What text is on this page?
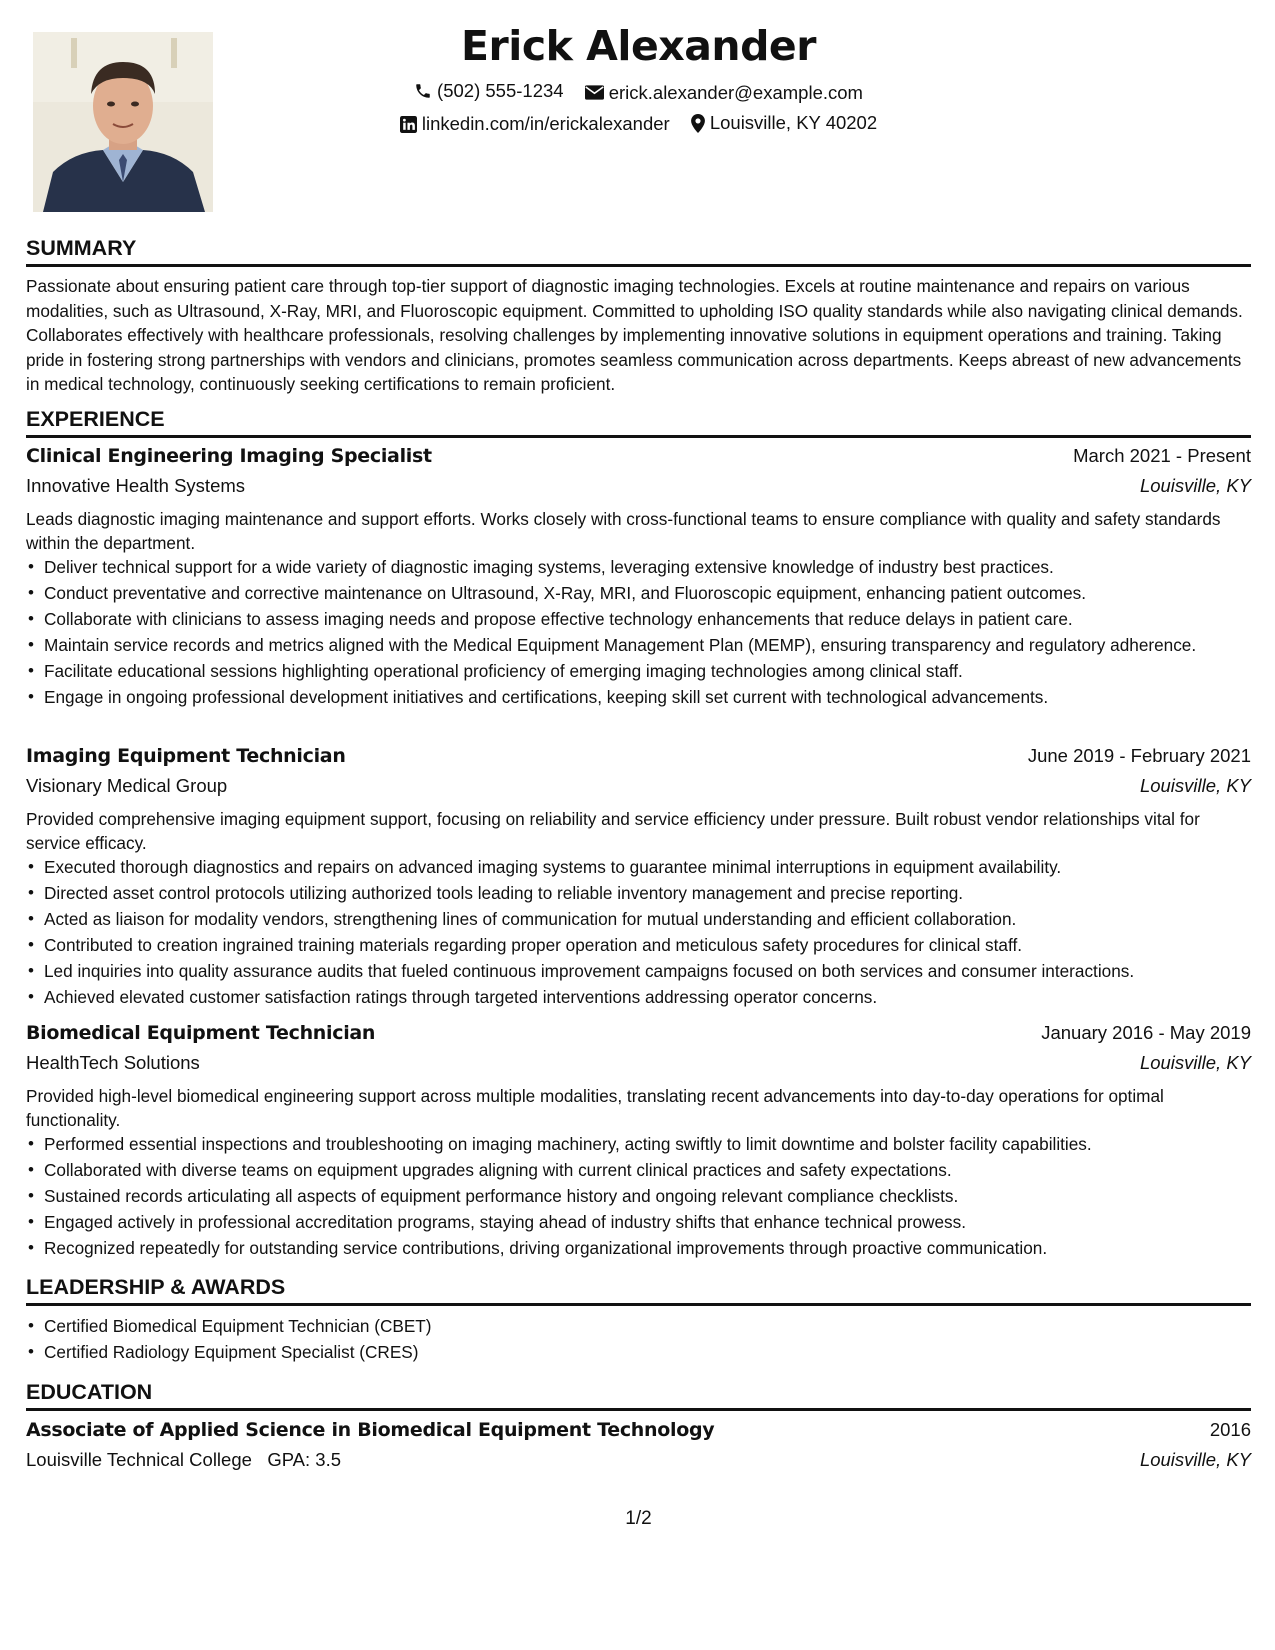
Erick Alexander
(502) 555-1234
erick.alexander@example.com
linkedin.com/in/erickalexander
Louisville, KY 40202
SUMMARY

Passionate about ensuring patient care through top-tier support of diagnostic imaging technologies. Excels at routine maintenance and repairs on various modalities, such as Ultrasound, X-Ray, MRI, and Fluoroscopic equipment. Committed to upholding ISO quality standards while also navigating clinical demands. Collaborates effectively with healthcare professionals, resolving challenges by implementing innovative solutions in equipment operations and training. Taking pride in fostering strong partnerships with vendors and clinicians, promotes seamless communication across departments. Keeps abreast of new advancements in medical technology, continuously seeking certifications to remain proficient.

EXPERIENCE
Clinical Engineering Imaging Specialist	March 2021 - Present
Innovative Health Systems	Louisville, KY
Leads diagnostic imaging maintenance and support efforts. Works closely with cross-functional teams to ensure compliance with quality and safety standards within the department.
• Deliver technical support for a wide variety of diagnostic imaging systems, leveraging extensive knowledge of industry best practices.
• Conduct preventative and corrective maintenance on Ultrasound, X-Ray, MRI, and Fluoroscopic equipment, enhancing patient outcomes.
• Collaborate with clinicians to assess imaging needs and propose effective technology enhancements that reduce delays in patient care.
• Maintain service records and metrics aligned with the Medical Equipment Management Plan (MEMP), ensuring transparency and regulatory adherence.
• Facilitate educational sessions highlighting operational proficiency of emerging imaging technologies among clinical staff.
• Engage in ongoing professional development initiatives and certifications, keeping skill set current with technological advancements.
Imaging Equipment Technician	June 2019 - February 2021
Visionary Medical Group	Louisville, KY
Provided comprehensive imaging equipment support, focusing on reliability and service efficiency under pressure. Built robust vendor relationships vital for service efficacy.
• Executed thorough diagnostics and repairs on advanced imaging systems to guarantee minimal interruptions in equipment availability.
• Directed asset control protocols utilizing authorized tools leading to reliable inventory management and precise reporting.
• Acted as liaison for modality vendors, strengthening lines of communication for mutual understanding and efficient collaboration.
• Contributed to creation ingrained training materials regarding proper operation and meticulous safety procedures for clinical staff.
• Led inquiries into quality assurance audits that fueled continuous improvement campaigns focused on both services and consumer interactions.
• Achieved elevated customer satisfaction ratings through targeted interventions addressing operator concerns.
Biomedical Equipment Technician	January 2016 - May 2019
HealthTech Solutions	Louisville, KY
Provided high-level biomedical engineering support across multiple modalities, translating recent advancements into day-to-day operations for optimal functionality.
• Performed essential inspections and troubleshooting on imaging machinery, acting swiftly to limit downtime and bolster facility capabilities.
• Collaborated with diverse teams on equipment upgrades aligning with current clinical practices and safety expectations.
• Sustained records articulating all aspects of equipment performance history and ongoing relevant compliance checklists.
• Engaged actively in professional accreditation programs, staying ahead of industry shifts that enhance technical prowess.
• Recognized repeatedly for outstanding service contributions, driving organizational improvements through proactive communication.
LEADERSHIP & AWARDS
• Certified Biomedical Equipment Technician (CBET)
• Certified Radiology Equipment Specialist (CRES)
EDUCATION
Associate of Applied Science in Biomedical Equipment Technology	2016
Louisville Technical College GPA: 3.5	Louisville, KY
1/2
